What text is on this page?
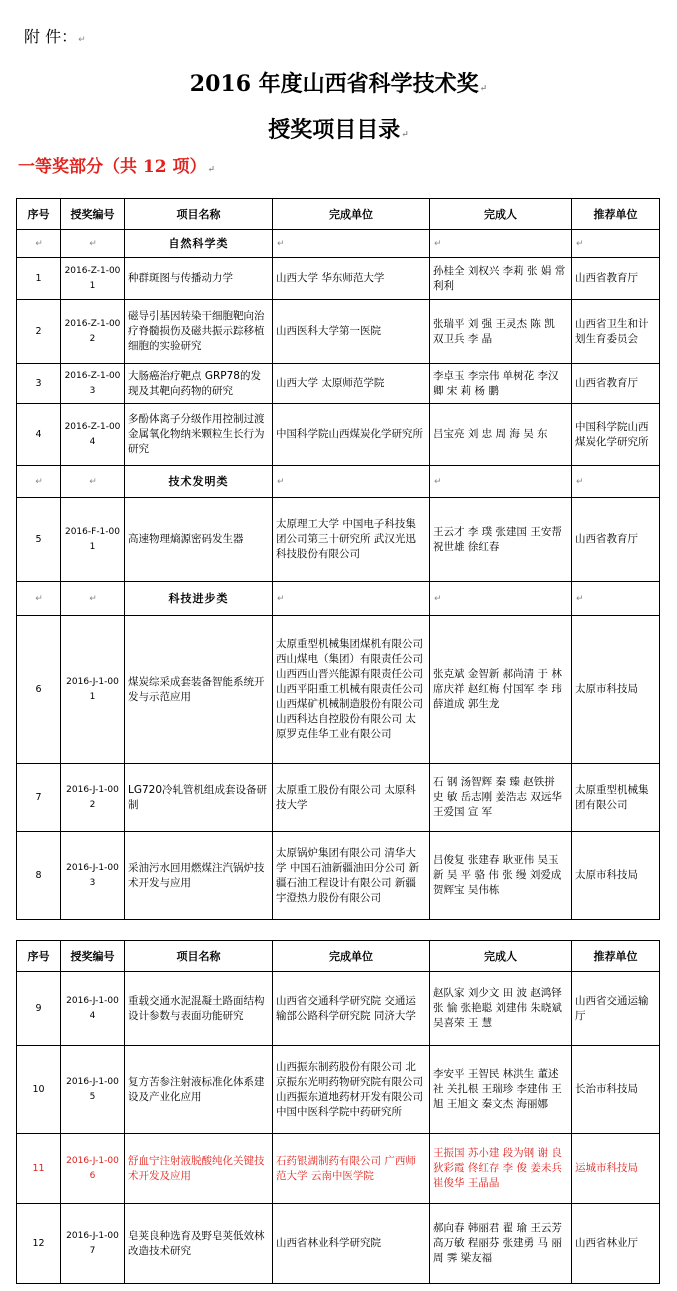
附 件：↵
2016 年度山西省科学技术奖↵
授奖项目目录↵
一等奖部分（共 12 项）↵
序号	授奖编号	项目名称	完成单位	完成人	推荐单位
↵	↵	自然科学类	↵	↵	↵
1	2016-Z-1-001	种群斑图与传播动力学	山西大学 华东师范大学	孙桂全 刘权兴 李莉 张 娟 常利利	山西省教育厅
2	2016-Z-1-002	磁导引基因转染干细胞靶向治疗脊髓损伤及磁共振示踪移植细胞的实验研究	山西医科大学第一医院	张瑞平 刘 强 王灵杰 陈 凯 双卫兵 李 晶	山西省卫生和计划生育委员会
3	2016-Z-1-003	大肠癌治疗靶点 GRP78的发现及其靶向药物的研究	山西大学 太原师范学院	李卓玉 李宗伟 单树花 李汉卿 宋 莉 杨 鹏	山西省教育厅
4	2016-Z-1-004	多酚体离子分级作用控制过渡金属氧化物纳米颗粒生长行为研究	中国科学院山西煤炭化学研究所	吕宝亮 刘 忠 周 海 吴 东	中国科学院山西煤炭化学研究所
↵	↵	技术发明类	↵	↵	↵
5	2016-F-1-001	高速物理熵源密码发生器	太原理工大学 中国电子科技集团公司第三十研究所 武汉光迅科技股份有限公司	王云才 李 璞 张建国 王安帮 祝世雄 徐红春	山西省教育厅
↵	↵	科技进步类	↵	↵	↵
6	2016-J-1-001	煤炭综采成套装备智能系统开发与示范应用	太原重型机械集团煤机有限公司 西山煤电（集团）有限责任公司 山西西山晋兴能源有限责任公司 山西平阳重工机械有限责任公司 山西煤矿机械制造股份有限公司 山西科达自控股份有限公司 太原罗克佳华工业有限公司	张克斌 金智新 郝尚清 于 林 席庆祥 赵红梅 付国军 李 玮 薛道成 郭生龙	太原市科技局
7	2016-J-1-002	LG720冷轧管机组成套设备研制	太原重工股份有限公司 太原科技大学	石 钢 汤智辉 秦 臻 赵铁拼 史 敏 岳志刚 姜浩志 双远华 王爱国 宣 军	太原重型机械集团有限公司
8	2016-J-1-003	采油污水回用燃煤注汽锅炉技术开发与应用	太原锅炉集团有限公司 清华大学 中国石油新疆油田分公司 新疆石油工程设计有限公司 新疆宇澄热力股份有限公司	吕俊复 张建春 耿亚伟 吴玉新 吴 平 骆 伟 张 缦 刘爱成 贺辉宝 吴伟栋	太原市科技局
序号	授奖编号	项目名称	完成单位	完成人	推荐单位
9	2016-J-1-004	重载交通水泥混凝土路面结构设计参数与表面功能研究	山西省交通科学研究院 交通运输部公路科学研究院 同济大学	赵队家 刘少文 田 波 赵鸿铎 张 愉 张艳聪 刘建伟 朱晓斌 吴喜荣 王 慧	山西省交通运输厅
10	2016-J-1-005	复方苦参注射液标准化体系建设及产业化应用	山西振东制药股份有限公司 北京振东光明药物研究院有限公司 山西振东道地药材开发有限公司 中国中医科学院中药研究所	李安平 王智民 林洪生 董述社 关扎根 王瑞珍 李建伟 王 旭 王旭文 秦文杰 海丽娜	长治市科技局
11	2016-J-1-006	舒血宁注射液脱酸纯化关键技术开发及应用	石药银湖制药有限公司 广西师范大学 云南中医学院	王振国 苏小建 段为钢 谢 良 狄彩霞 佟红存 李 俊 姜未兵 崔俊华 王晶晶	运城市科技局
12	2016-J-1-007	皂荚良种选育及野皂荚低效林改造技术研究	山西省林业科学研究院	郝向春 韩丽君 翟 瑜 王云芳 高万敏 程丽芬 张建勇 马 丽 周 霁 梁友福	山西省林业厅
